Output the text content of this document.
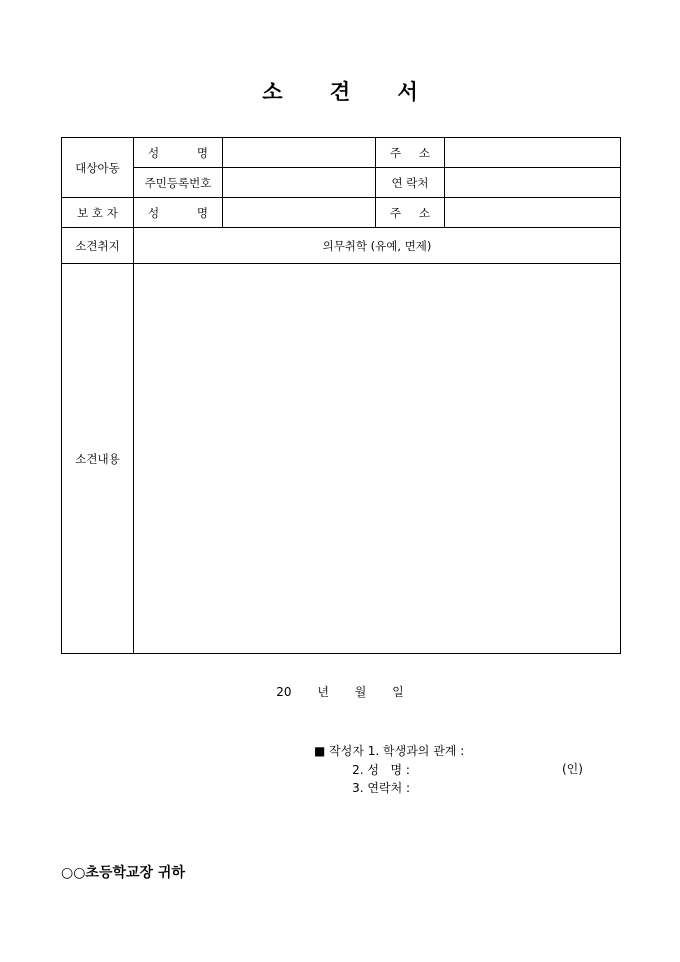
소 견 서
대상아동	성 명		주 소	

	주민등록번호		연 락처	
보 호 자	성 명		주 소	

소견취지	의무취학 (유예, 면제)			
소견내용				
20 년 월 일
■ 작성자 1. 학생과의 관계 :
2. 성   명 :
3. 연락처 :
(인)
○○초등학교장 귀하
